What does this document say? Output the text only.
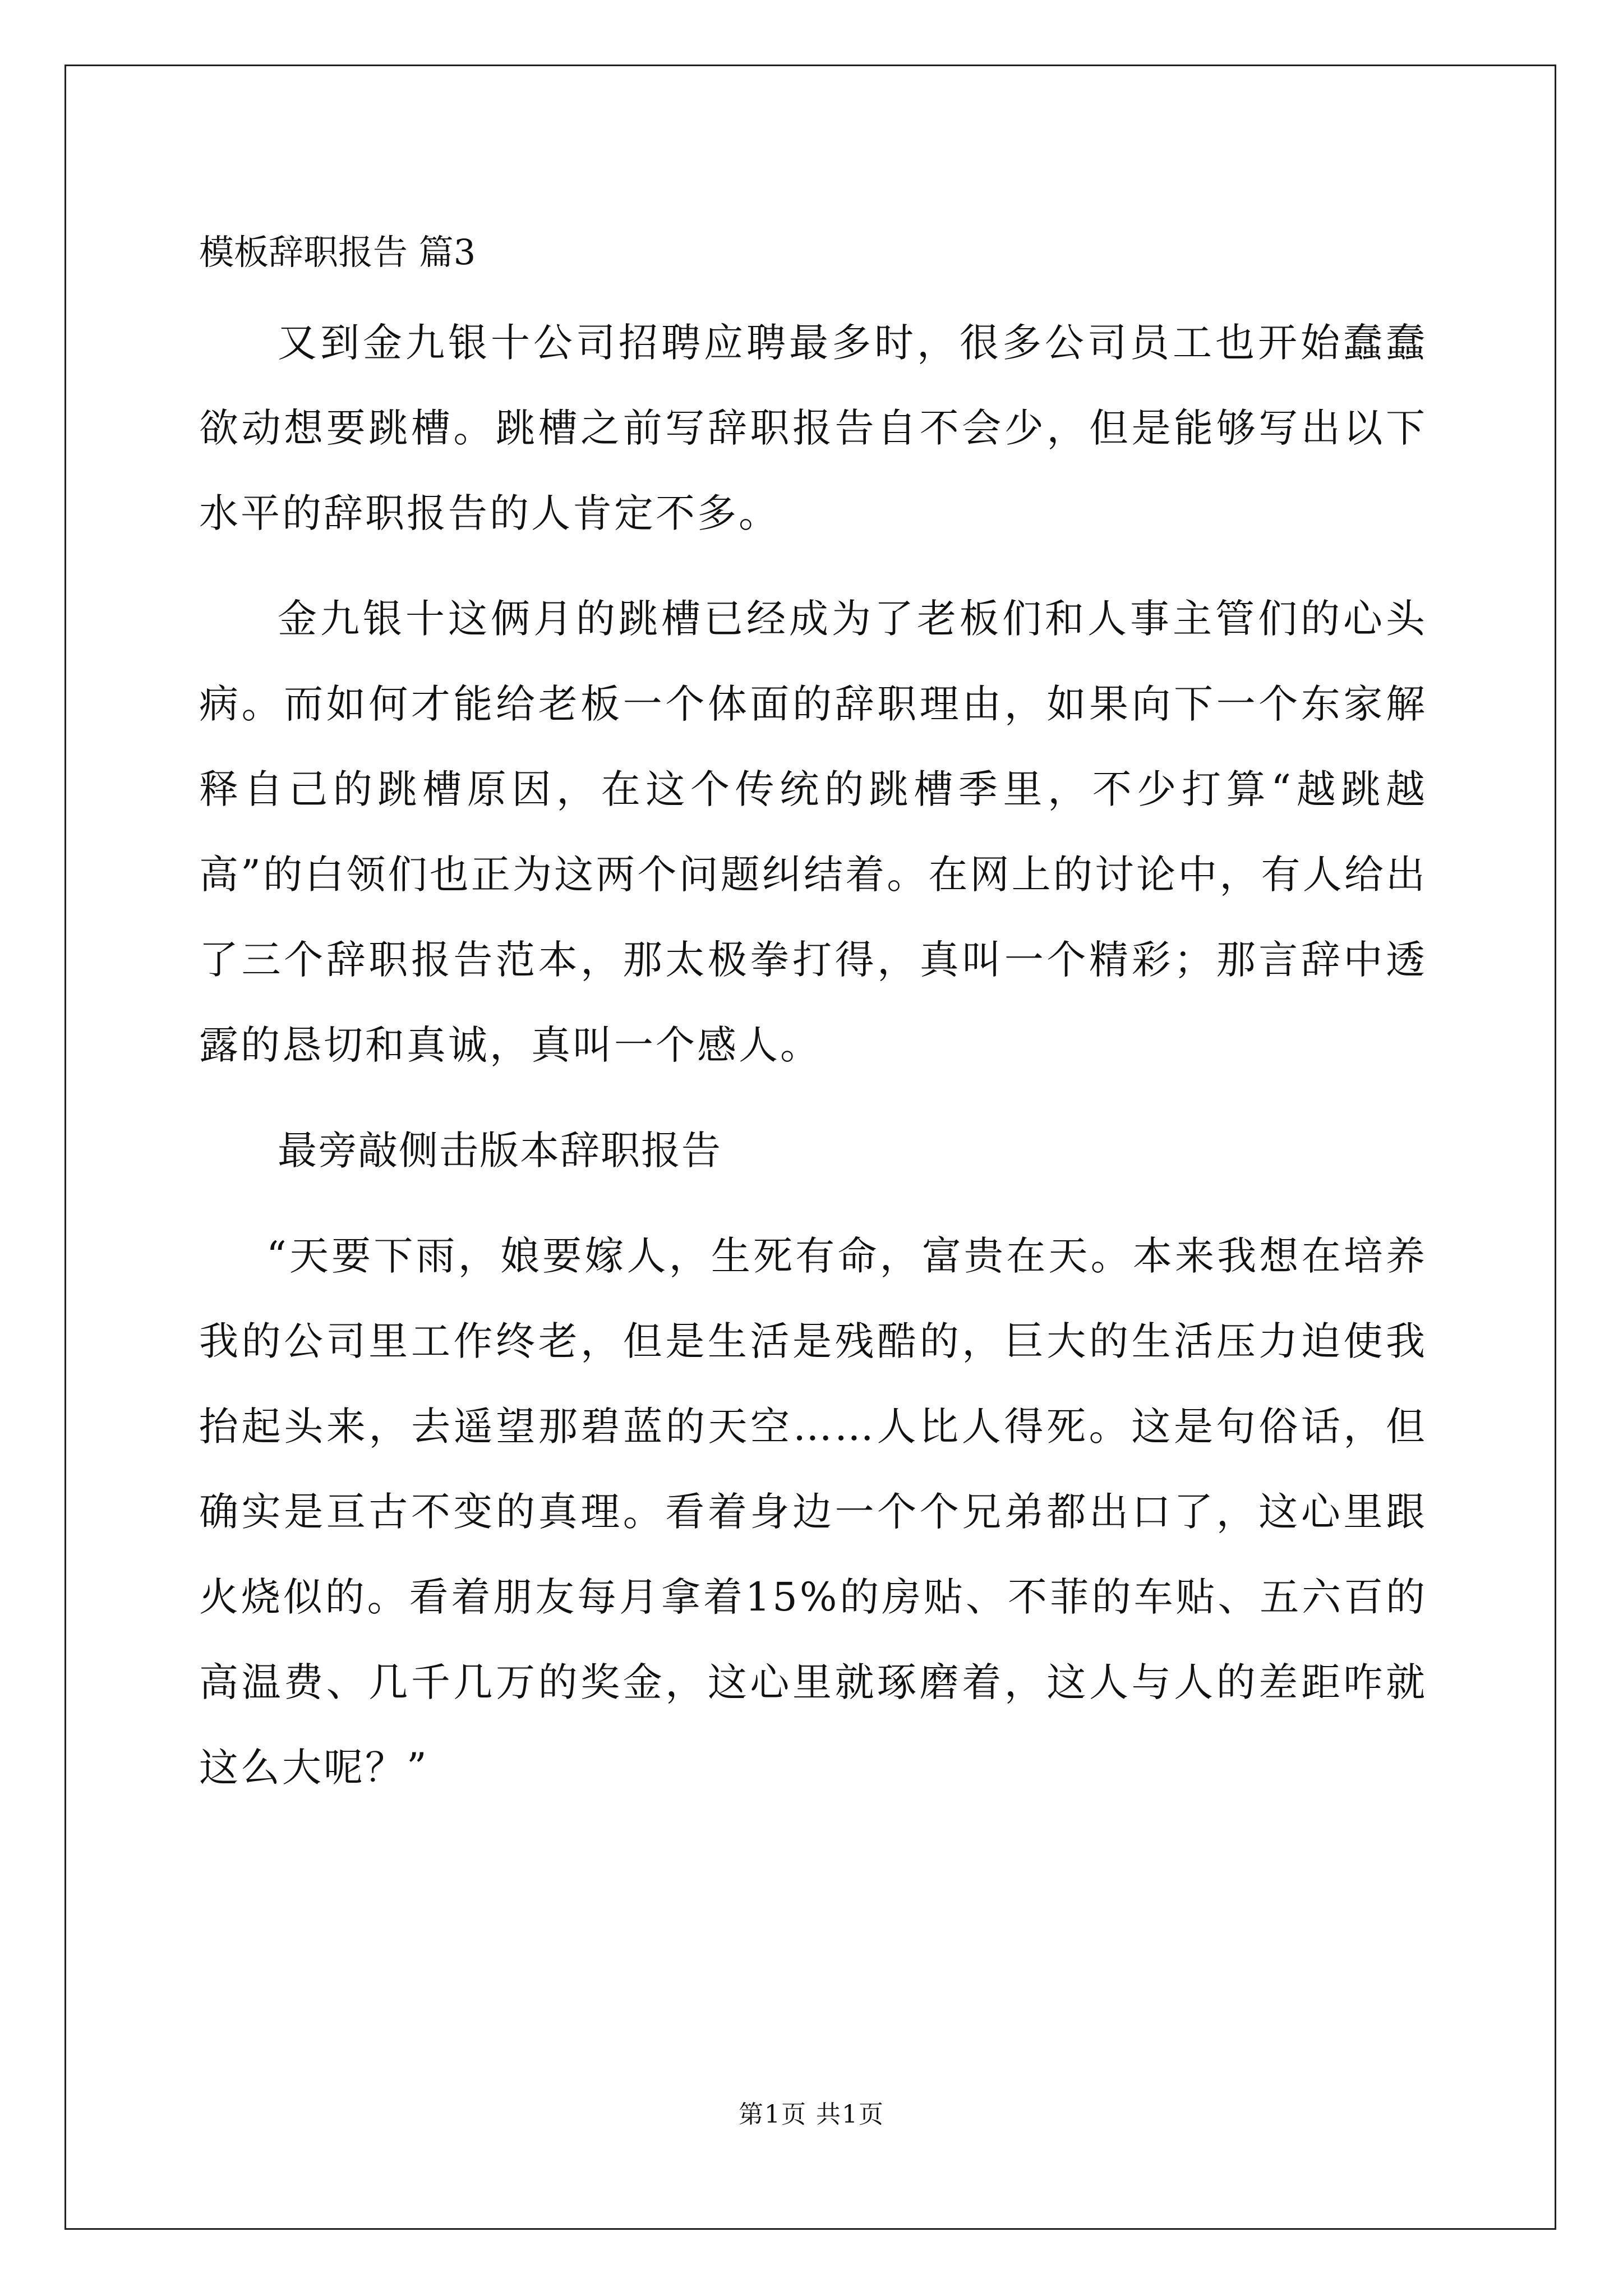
模板辞职报告 篇3

又到金九银十公司招聘应聘最多时，很多公司员工也开始蠢蠢欲动想要跳槽。跳槽之前写辞职报告自不会少，但是能够写出以下水平的辞职报告的人肯定不多。

金九银十这俩月的跳槽已经成为了老板们和人事主管们的心头病。而如何才能给老板一个体面的辞职理由，如果向下一个东家解释自己的跳槽原因，在这个传统的跳槽季里，不少打算“越跳越高”的白领们也正为这两个问题纠结着。在网上的讨论中，有人给出了三个辞职报告范本，那太极拳打得，真叫一个精彩；那言辞中透露的恳切和真诚，真叫一个感人。

最旁敲侧击版本辞职报告

“天要下雨，娘要嫁人，生死有命，富贵在天。本来我想在培养我的公司里工作终老，但是生活是残酷的，巨大的生活压力迫使我抬起头来，去遥望那碧蓝的天空……人比人得死。这是句俗话，但确实是亘古不变的真理。看着身边一个个兄弟都出口了，这心里跟火烧似的。看着朋友每月拿着15%的房贴、不菲的车贴、五六百的高温费、几千几万的奖金，这心里就琢磨着，这人与人的差距咋就这么大呢？”

第1页 共1页
